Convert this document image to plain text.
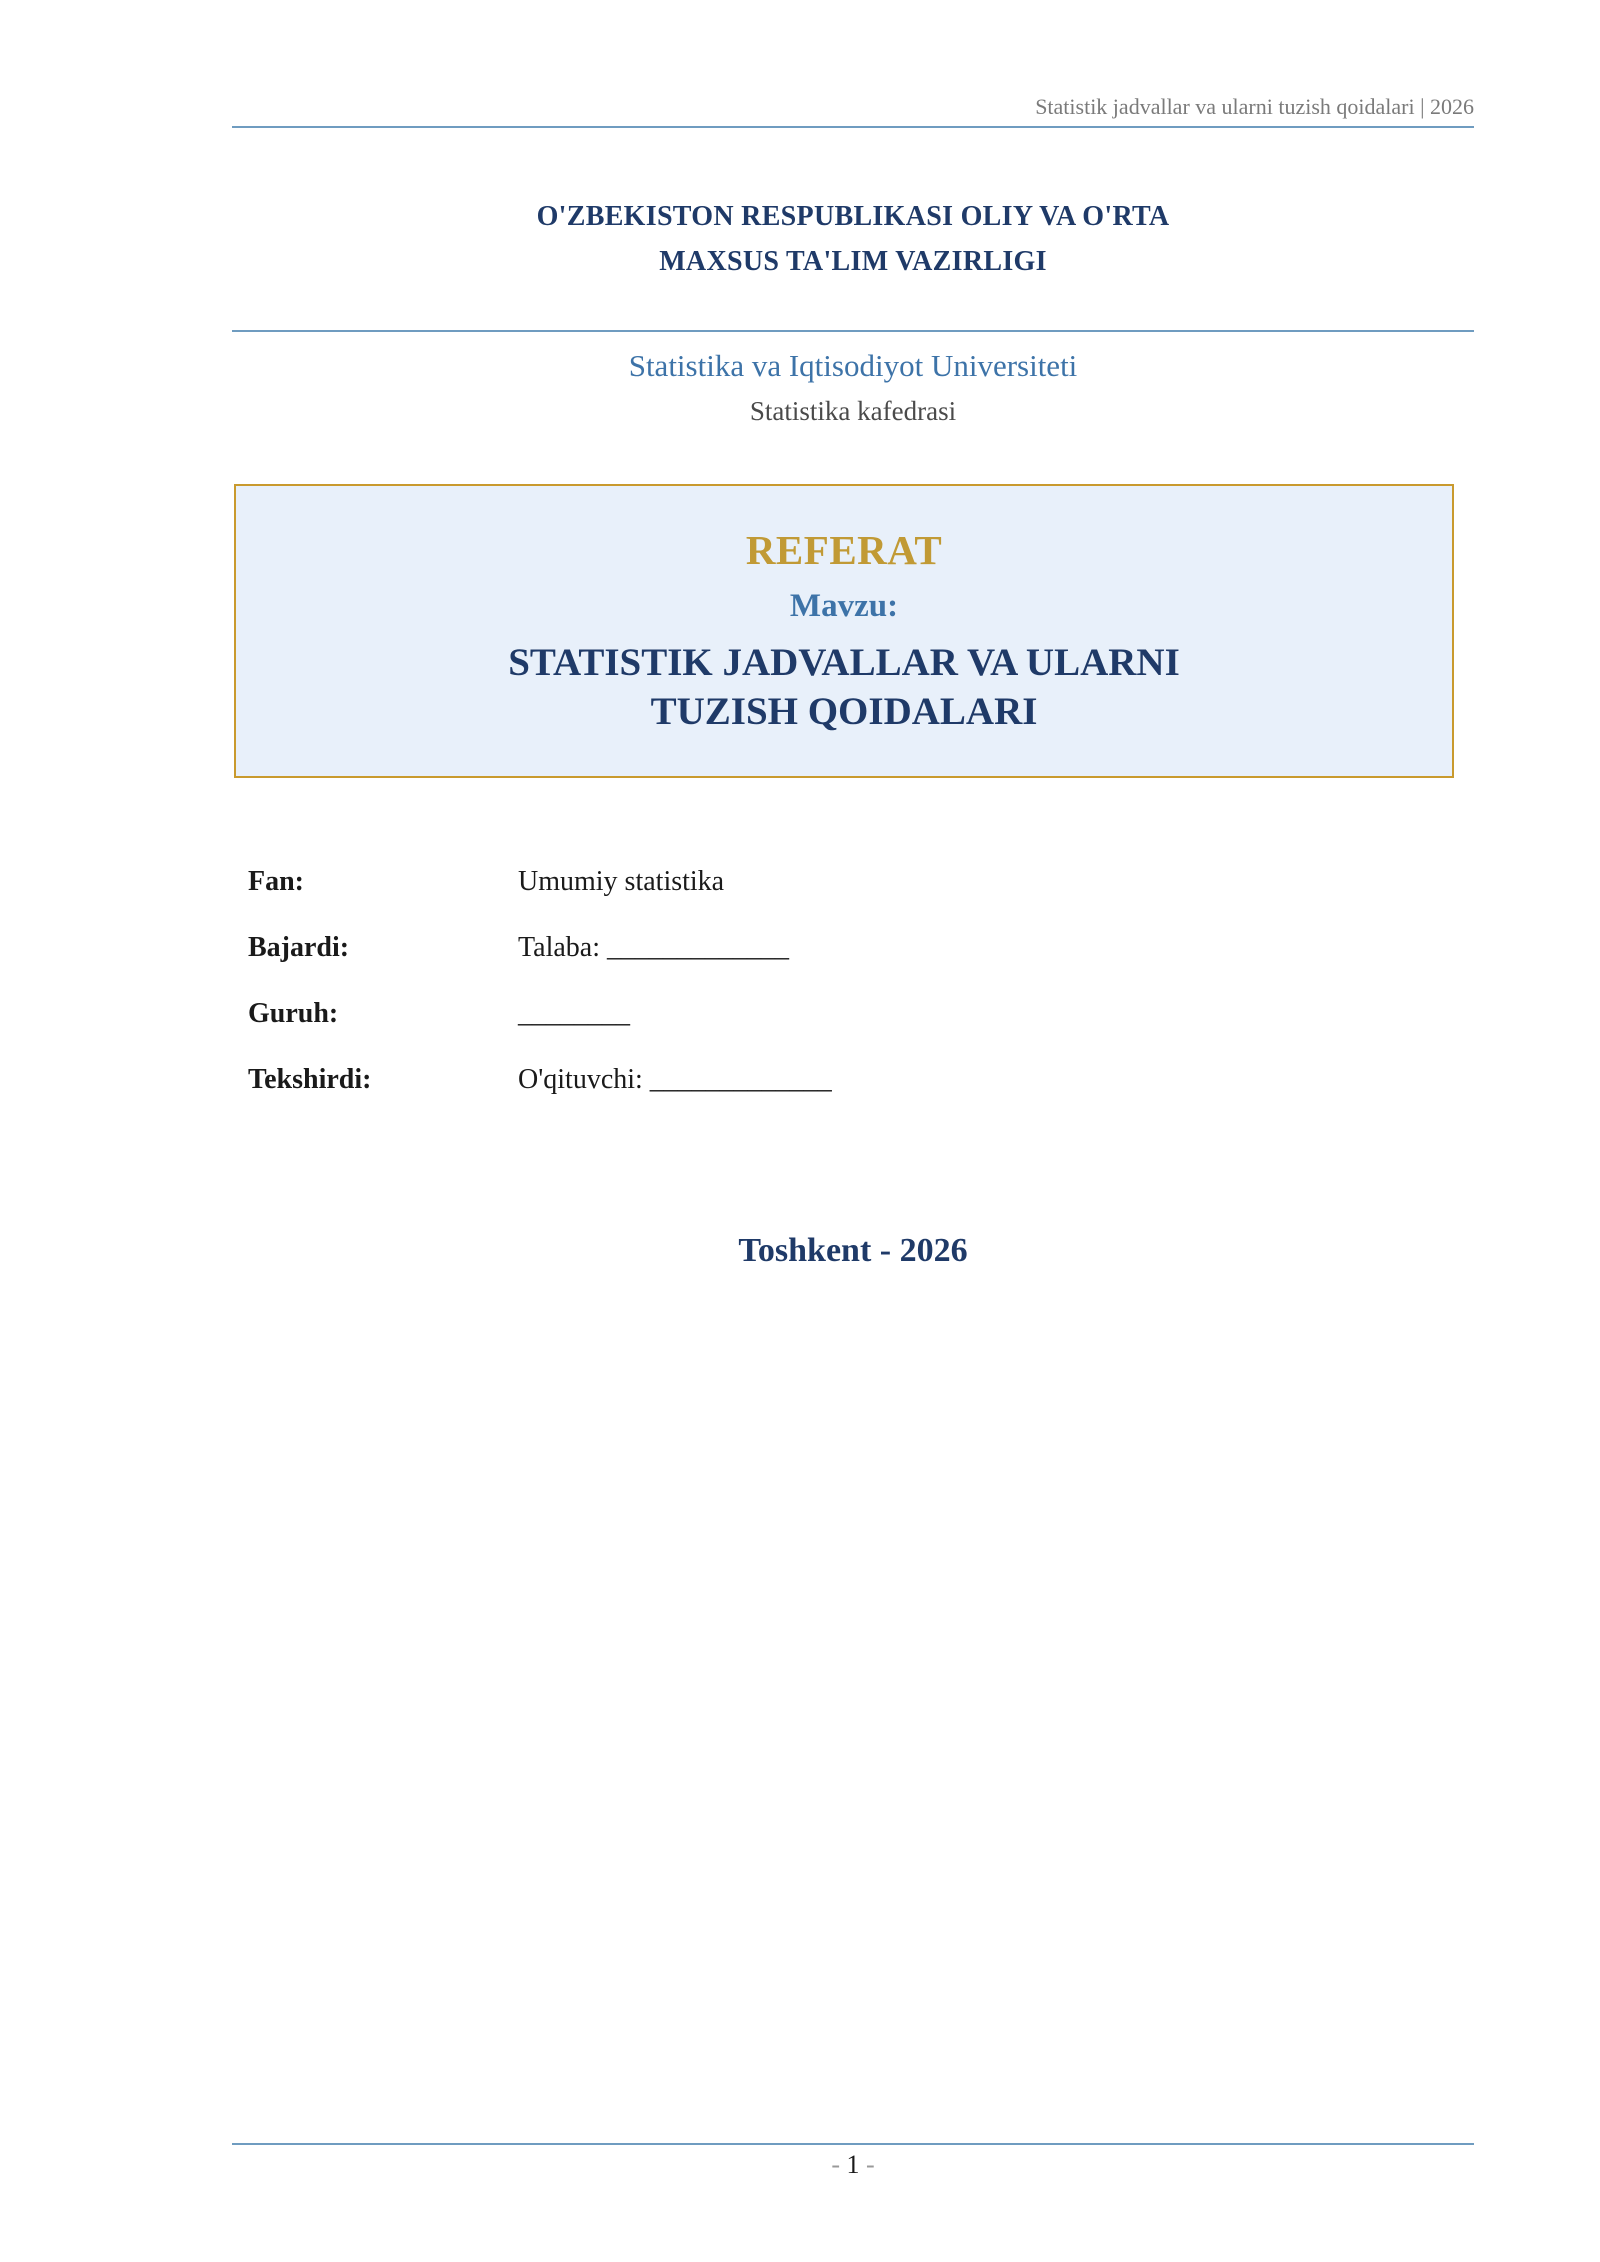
Statistik jadvallar va ularni tuzish qoidalari | 2026
O'ZBEKISTON RESPUBLIKASI OLIY VA O'RTA
MAXSUS TA'LIM VAZIRLIGI
Statistika va Iqtisodiyot Universiteti
Statistika kafedrasi
REFERAT
Mavzu:
STATISTIK JADVALLAR VA ULARNI
TUZISH QOIDALARI
Fan:	Umumiy statistika
Bajardi:	Talaba: _____________
Guruh:	________
Tekshirdi:	O'qituvchi: _____________
Toshkent - 2026
- 1 -
